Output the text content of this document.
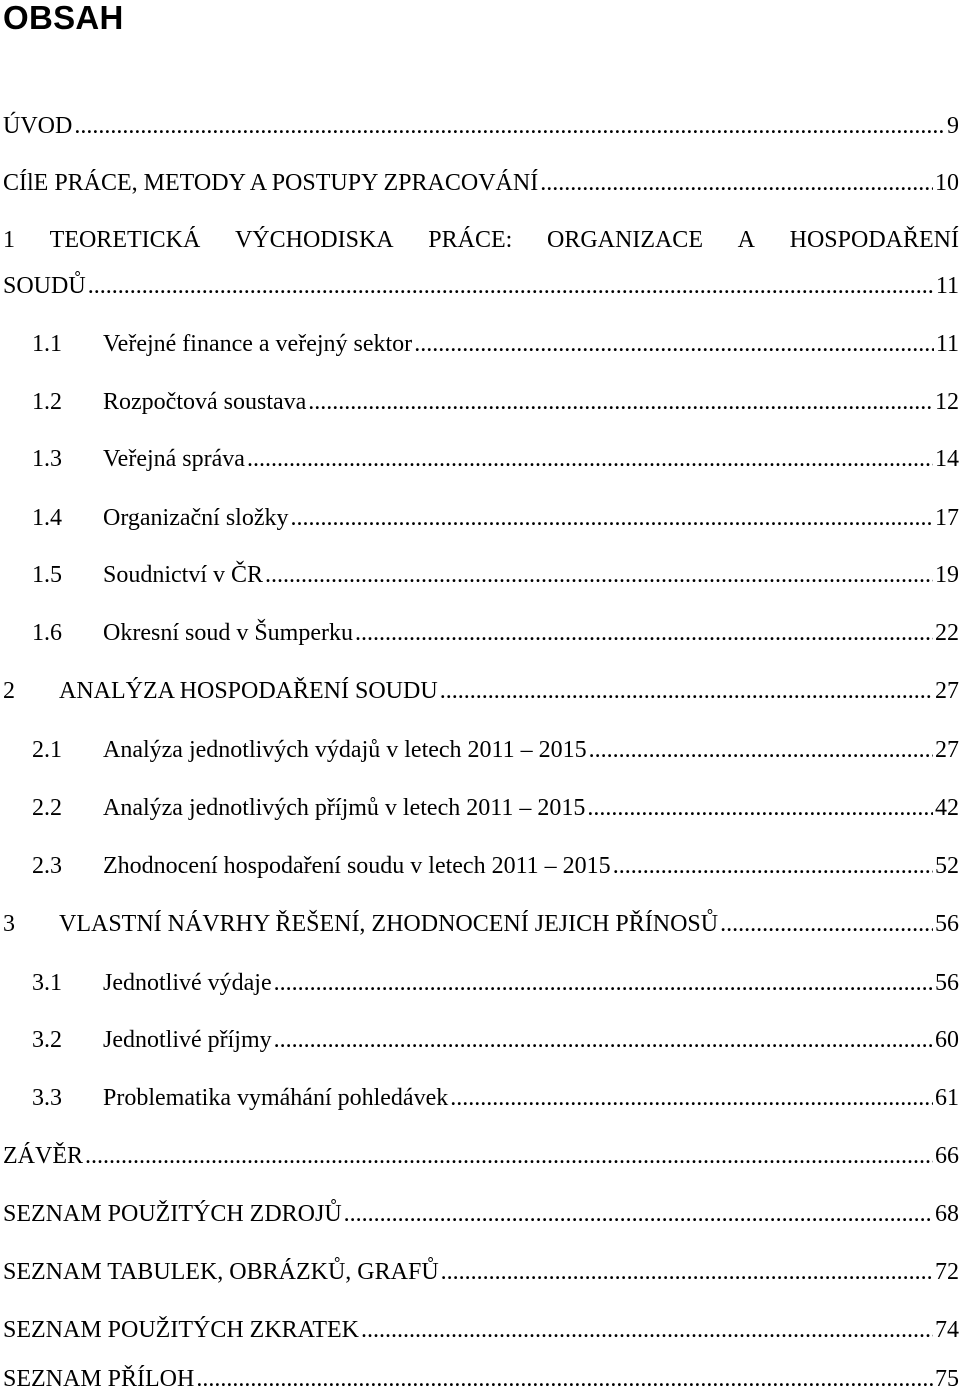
OBSAH
ÚVOD .....	9
CÍlE PRÁCE, METODY A POSTUPY ZPRACOVÁNÍ .....	10
1 TEORETICKÁ VÝCHODISKA PRÁCE: ORGANIZACE A HOSPODAŘENÍ
SOUDŮ .....	11
1.1	Veřejné finance a veřejný sektor .....	11
1.2	Rozpočtová soustava .....	12
1.3	Veřejná správa .....	14
1.4	Organizační složky .....	17
1.5	Soudnictví v ČR .....	19
1.6	Okresní soud v Šumperku .....	22
2	ANALÝZA HOSPODAŘENÍ SOUDU .....	27
2.1	Analýza jednotlivých výdajů v letech 2011 – 2015 .....	27
2.2	Analýza jednotlivých příjmů v letech 2011 – 2015 .....	42
2.3	Zhodnocení hospodaření soudu v letech 2011 – 2015 .....	52
3	VLASTNÍ NÁVRHY ŘEŠENÍ, ZHODNOCENÍ JEJICH PŘÍNOSŮ .....	56
3.1	Jednotlivé výdaje .....	56
3.2	Jednotlivé příjmy .....	60
3.3	Problematika vymáhání pohledávek .....	61
ZÁVĚR .....	66
SEZNAM POUŽITÝCH ZDROJŮ .....	68
SEZNAM TABULEK, OBRÁZKŮ, GRAFŮ .....	72
SEZNAM POUŽITÝCH ZKRATEK .....	74
SEZNAM PŘÍLOH .....	75
